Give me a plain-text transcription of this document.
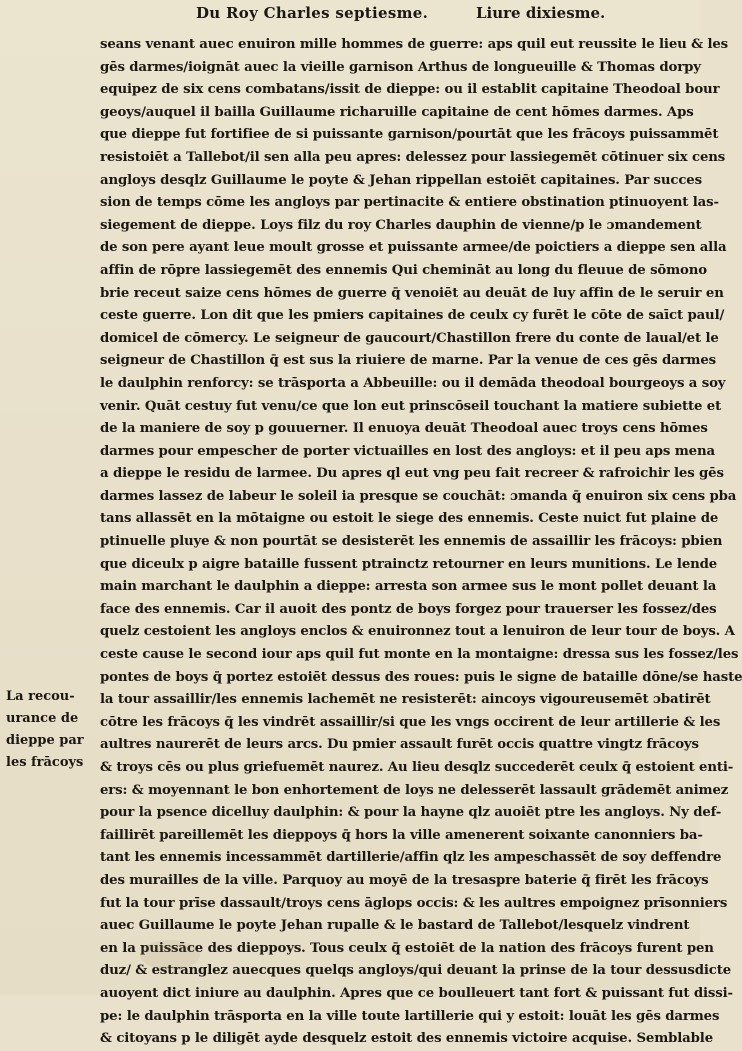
Du Roy Charles septiesme.	Liure dixiesme.
La recou-
urance de
dieppe par
les frācoys
seans venant auec enuiron mille hommes de guerre: aps quil eut reussite le lieu & les
gēs darmes/ioignāt auec la vieille garnison Arthus de longueuille & Thomas dorpy
equipez de six cens combatans/issit de dieppe: ou il establit capitaine Theodoal bour
geoys/auquel il bailla Guillaume richaruille capitaine de cent hōmes darmes. Aps
que dieppe fut fortifiee de si puissante garnison/pourtāt que les frācoys puissammēt
resistoiēt a Tallebot/il sen alla peu apres: delessez pour lassiegemēt cōtinuer six cens
angloys desqlz Guillaume le poyte & Jehan rippellan estoiēt capitaines. Par succes
sion de temps cōme les angloys par pertinacite & entiere obstination ptinuoyent las-
siegement de dieppe. Loys filz du roy Charles dauphin de vienne/p le ɔmandement
de son pere ayant leue moult grosse et puissante armee/de poictiers a dieppe sen alla
affin de rōpre lassiegemēt des ennemis Qui chemināt au long du fleuue de sōmono
brie receut saize cens hōmes de guerre q̄ venoiēt au deuāt de luy affin de le seruir en
ceste guerre. Lon dit que les pmiers capitaines de ceulx cy furēt le cōte de saīct paul/
domicel de cōmercy. Le seigneur de gaucourt/Chastillon frere du conte de laual/et le
seigneur de Chastillon q̄ est sus la riuiere de marne. Par la venue de ces gēs darmes
le daulphin renforcy: se trāsporta a Abbeuille: ou il demāda theodoal bourgeoys a soy
venir. Quāt cestuy fut venu/ce que lon eut prinscōseil touchant la matiere subiette et
de la maniere de soy p gouuerner. Il enuoya deuāt Theodoal auec troys cens hōmes
darmes pour empescher de porter victuailles en lost des angloys: et il peu aps mena
a dieppe le residu de larmee. Du apres ql eut vng peu fait recreer & rafroichir les gēs
darmes lassez de labeur le soleil ia presque se couchāt: ɔmanda q̄ enuiron six cens pba
tans allassēt en la mōtaigne ou estoit le siege des ennemis. Ceste nuict fut plaine de
ptinuelle pluye & non pourtāt se desisterēt les ennemis de assaillir les frācoys: pbien
que diceulx p aigre bataille fussent ptrainctz retourner en leurs munitions. Le lende
main marchant le daulphin a dieppe: arresta son armee sus le mont pollet deuant la
face des ennemis. Car il auoit des pontz de boys forgez pour trauerser les fossez/des
quelz cestoient les angloys enclos & enuironnez tout a lenuiron de leur tour de boys. A
ceste cause le second iour aps quil fut monte en la montaigne: dressa sus les fossez/les
pontes de boys q̄ portez estoiēt dessus des roues: puis le signe de bataille dōne/se haste
la tour assaillir/les ennemis lachemēt ne resisterēt: aincoys vigoureusemēt ɔbatirēt
cōtre les frācoys q̄ les vindrēt assaillir/si que les vngs occirent de leur artillerie & les
aultres naurerēt de leurs arcs. Du pmier assault furēt occis quattre vingtz frācoys
& troys cēs ou plus griefuemēt naurez. Au lieu desqlz succederēt ceulx q̄ estoient enti-
ers: & moyennant le bon enhortement de loys ne delesserēt lassault grādemēt animez
pour la psence dicelluy daulphin: & pour la hayne qlz auoiēt ptre les angloys. Ny def-
faillirēt pareillemēt les dieppoys q̄ hors la ville amenerent soixante canonniers ba-
tant les ennemis incessammēt dartillerie/affin qlz les ampeschassēt de soy deffendre
des murailles de la ville. Parquoy au moyē de la tresaspre baterie q̄ firēt les frācoys
fut la tour prīse dassault/troys cens āglops occis: & les aultres empoignez prīsonniers
auec Guillaume le poyte Jehan rupalle & le bastard de Tallebot/lesquelz vindrent
en la puissāce des dieppoys. Tous ceulx q̄ estoiēt de la nation des frācoys furent pen
duz/ & estranglez auecques quelqs angloys/qui deuant la prinse de la tour dessusdicte
auoyent dict iniure au daulphin. Apres que ce boulleuert tant fort & puissant fut dissi-
pe: le daulphin trāsporta en la ville toute lartillerie qui y estoit: louāt les gēs darmes
& citoyans p le diligēt ayde desquelz estoit des ennemis victoire acquise. Semblable
